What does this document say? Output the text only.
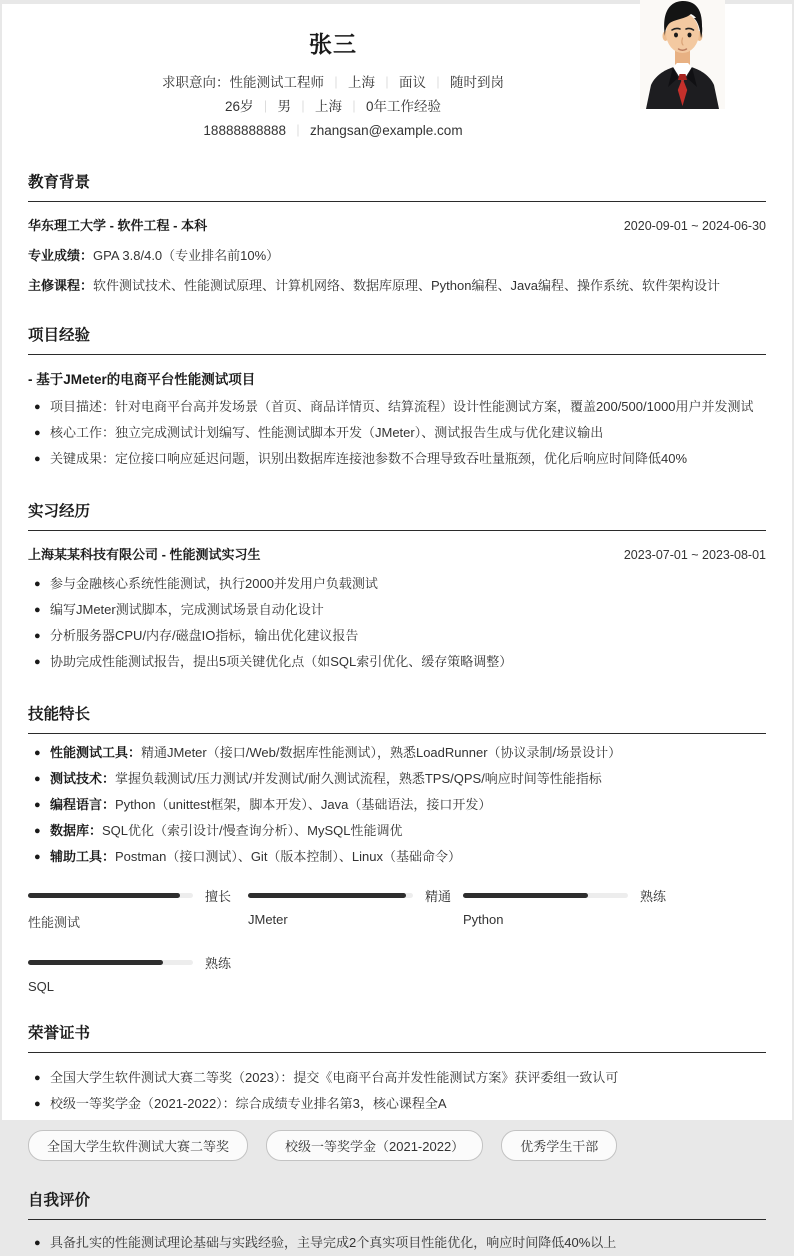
张三
求职意向：性能测试工程师 ｜ 上海 ｜ 面议 ｜ 随时到岗
26岁 ｜ 男 ｜ 上海 ｜ 0年工作经验
18888888888 ｜ zhangsan@example.com
教育背景
华东理工大学 - 软件工程 - 本科	2020-09-01 ~ 2024-06-30
专业成绩：GPA 3.8/4.0（专业排名前10%）
主修课程：软件测试技术、性能测试原理、计算机网络、数据库原理、Python编程、Java编程、操作系统、软件架构设计
项目经验
- 基于JMeter的电商平台性能测试项目
● 项目描述：针对电商平台高并发场景（首页、商品详情页、结算流程）设计性能测试方案，覆盖200/500/1000用户并发测试
● 核心工作：独立完成测试计划编写、性能测试脚本开发（JMeter）、测试报告生成与优化建议输出
● 关键成果：定位接口响应延迟问题，识别出数据库连接池参数不合理导致吞吐量瓶颈，优化后响应时间降低40%
实习经历
上海某某科技有限公司 - 性能测试实习生	2023-07-01 ~ 2023-08-01
● 参与金融核心系统性能测试，执行2000并发用户负载测试
● 编写JMeter测试脚本，完成测试场景自动化设计
● 分析服务器CPU/内存/磁盘IO指标，输出优化建议报告
● 协助完成性能测试报告，提出5项关键优化点（如SQL索引优化、缓存策略调整）
技能特长
● 性能测试工具：精通JMeter（接口/Web/数据库性能测试），熟悉LoadRunner（协议录制/场景设计）
● 测试技术：掌握负载测试/压力测试/并发测试/耐久测试流程，熟悉TPS/QPS/响应时间等性能指标
● 编程语言：Python（unittest框架，脚本开发）、Java（基础语法，接口开发）
● 数据库：SQL优化（索引设计/慢查询分析）、MySQL性能调优
● 辅助工具：Postman（接口测试）、Git（版本控制）、Linux（基础命令）
擅长
性能测试
精通
JMeter
熟练
Python
熟练
SQL
荣誉证书
● 全国大学生软件测试大赛二等奖（2023）：提交《电商平台高并发性能测试方案》获评委组一致认可
● 校级一等奖学金（2021-2022）：综合成绩专业排名第3，核心课程全A
全国大学生软件测试大赛二等奖	校级一等奖学金（2021-2022）	优秀学生干部
自我评价
● 具备扎实的性能测试理论基础与实践经验，主导完成2个真实项目性能优化，响应时间降低40%以上
